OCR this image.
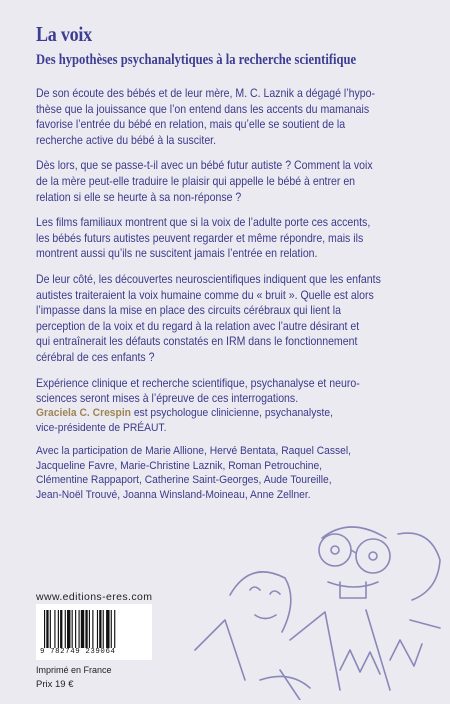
La voix
Des hypothèses psychanalytiques à la recherche scientifique

De son écoute des bébés et de leur mère, M. C. Laznik a dégagé l’hypo-
thèse que la jouissance que l’on entend dans les accents du mamanais
favorise l’entrée du bébé en relation, mais qu’elle se soutient de la
recherche active du bébé à la susciter.

Dès lors, que se passe-t-il avec un bébé futur autiste ? Comment la voix
de la mère peut-elle traduire le plaisir qui appelle le bébé à entrer en
relation si elle se heurte à sa non-réponse ?

Les films familiaux montrent que si la voix de l’adulte porte ces accents,
les bébés futurs autistes peuvent regarder et même répondre, mais ils
montrent aussi qu’ils ne suscitent jamais l’entrée en relation.

De leur côté, les découvertes neuroscientifiques indiquent que les enfants
autistes traiteraient la voix humaine comme du « bruit ». Quelle est alors
l’impasse dans la mise en place des circuits cérébraux qui lient la
perception de la voix et du regard à la relation avec l’autre désirant et
qui entraînerait les défauts constatés en IRM dans le fonctionnement
cérébral de ces enfants ?

Expérience clinique et recherche scientifique, psychanalyse et neuro-
sciences seront mises à l’épreuve de ces interrogations.

Graciela C. Crespin est psychologue clinicienne, psychanalyste,
vice-présidente de PRÉAUT.
Avec la participation de Marie Allione, Hervé Bentata, Raquel Cassel,
Jacqueline Favre, Marie-Christine Laznik, Roman Petrouchine,
Clémentine Rappaport, Catherine Saint-Georges, Aude Toureille,
Jean-Noël Trouvé, Joanna Winsland-Moineau, Anne Zellner.
www.editions-eres.com
9 782749 239064
Imprimé en France
Prix 19 €
